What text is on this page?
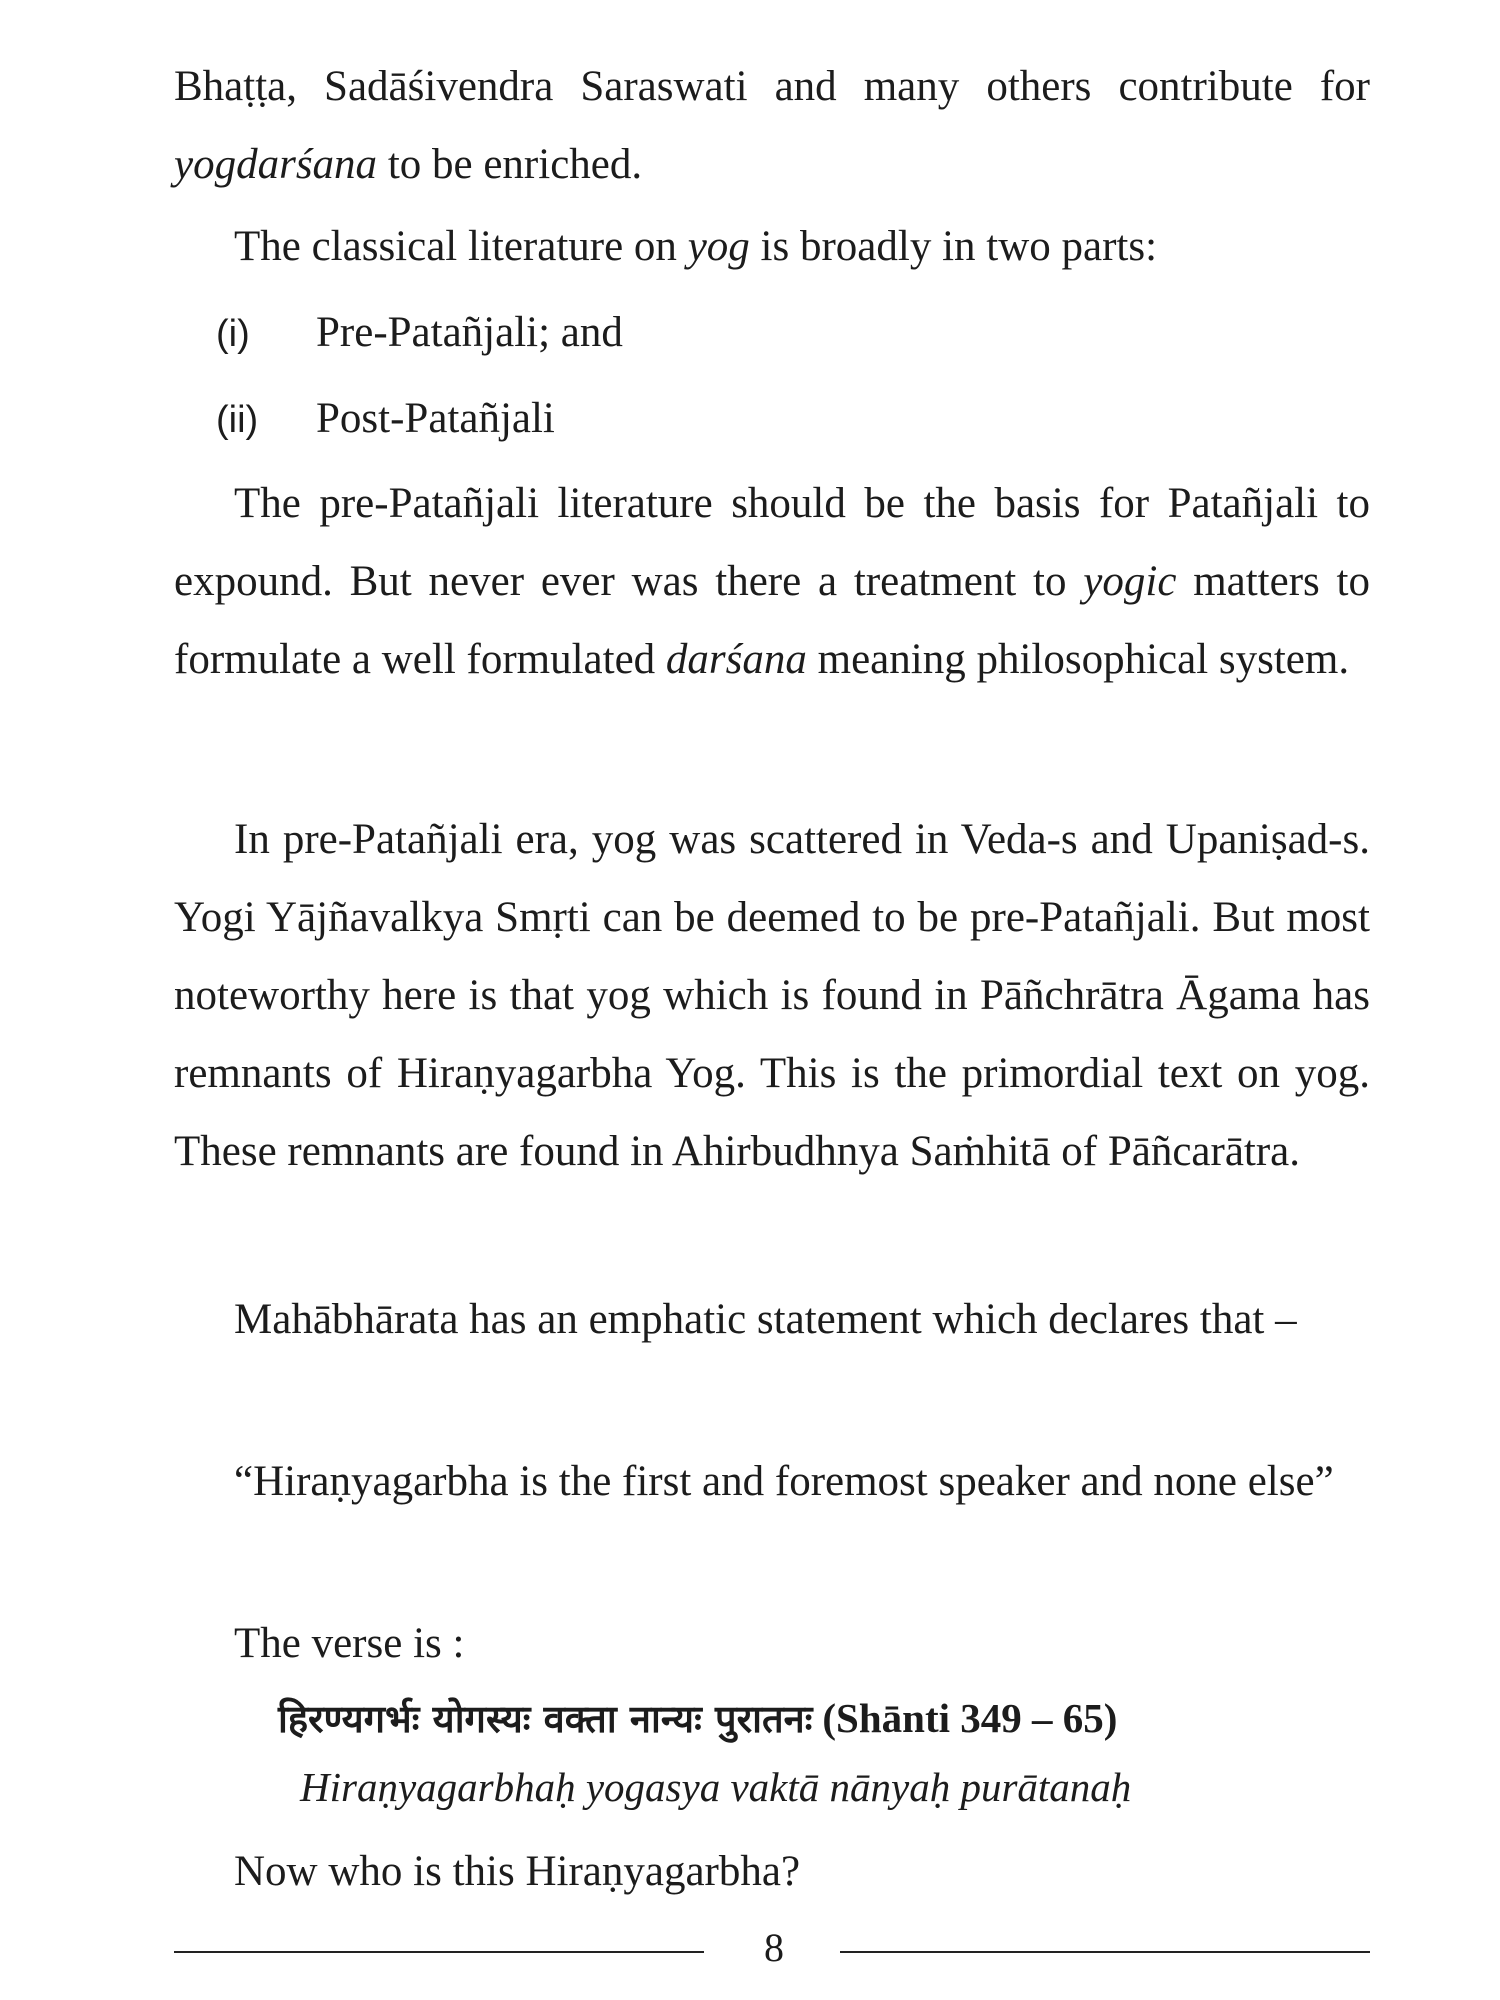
Bhaṭṭa, Sadāśivendra Saraswati and many others contribute for yogdarśana to be enriched.

The classical literature on yog is broadly in two parts:

(i) Pre-Patañjali; and
(ii) Post-Patañjali

The pre-Patañjali literature should be the basis for Patañjali to expound. But never ever was there a treatment to yogic matters to formulate a well formulated darśana meaning philosophical system.

In pre-Patañjali era, yog was scattered in Veda-s and Upaniṣad-s. Yogi Yājñavalkya Smṛti can be deemed to be pre-Patañjali. But most noteworthy here is that yog which is found in Pāñchrātra Āgama has remnants of Hiraṇyagarbha Yog. This is the primordial text on yog. These remnants are found in Ahirbudhnya Saṁhitā of Pāñcarātra.

Mahābhārata has an emphatic statement which declares that –

“Hiraṇyagarbha is the first and foremost speaker and none else”

The verse is :

हिरण्यगर्भः योगस्यः वक्ता नान्यः पुरातनः (Shānti 349 – 65)
Hiraṇyagarbhaḥ yogasya vaktā nānyaḥ purātanaḥ

Now who is this Hiraṇyagarbha?

8
